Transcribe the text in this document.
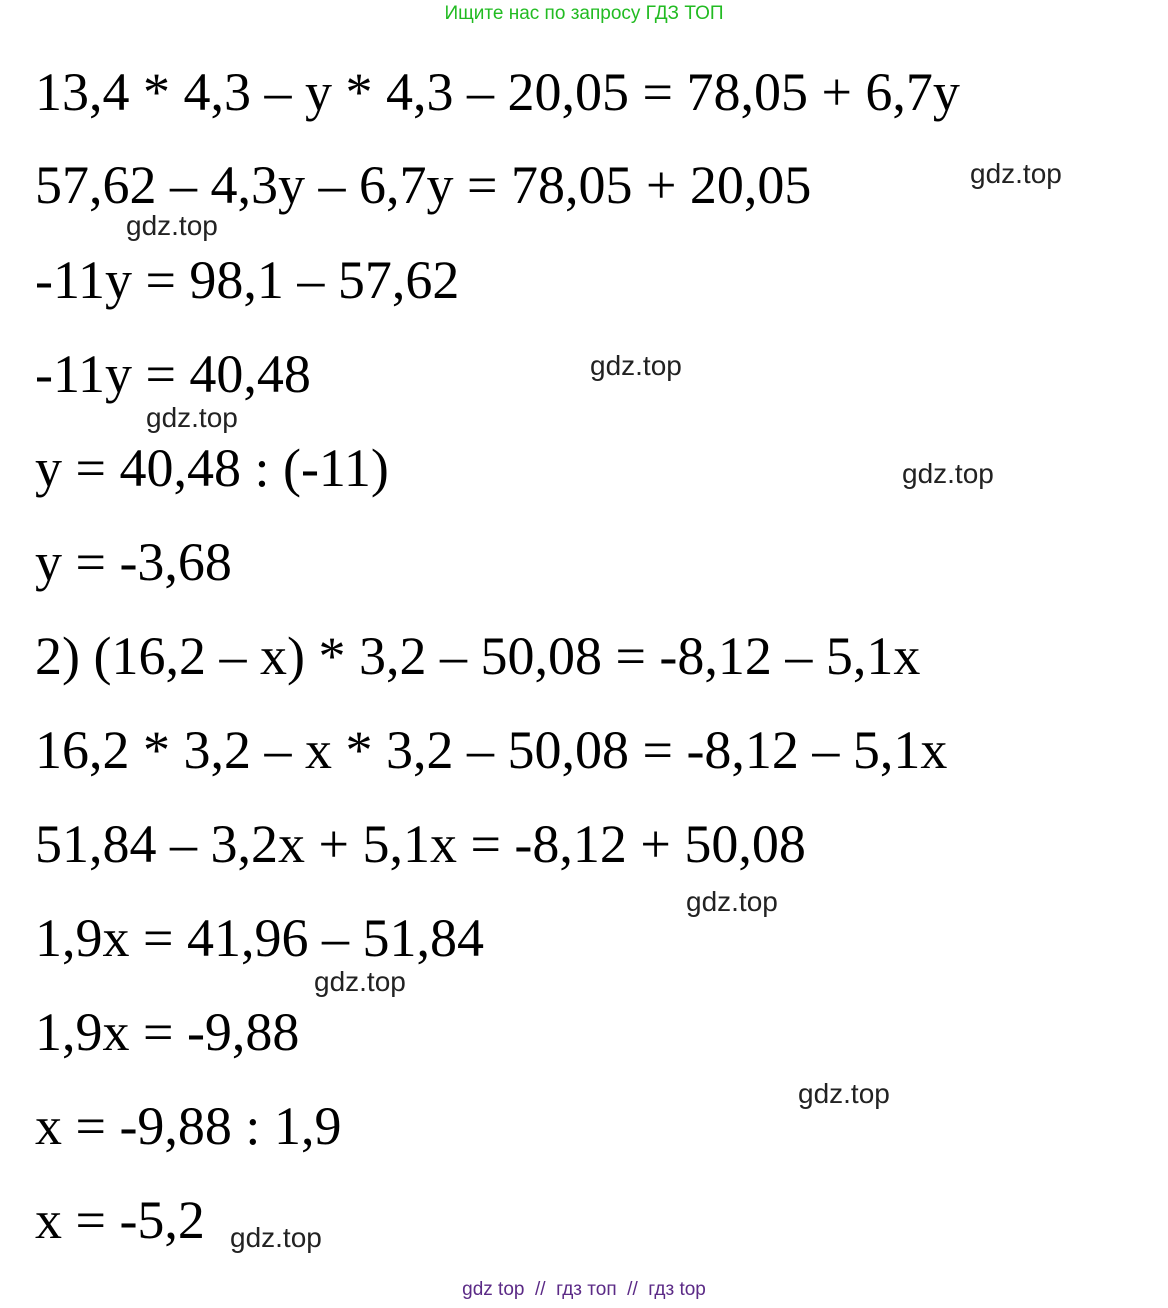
Ищите нас по запросу ГДЗ ТОП
13,4 * 4,3 – y * 4,3 – 20,05 = 78,05 + 6,7y
57,62 – 4,3y – 6,7y = 78,05 + 20,05
-11y = 98,1 – 57,62
-11y = 40,48
y = 40,48 : (-11)
y = -3,68
2) (16,2 – x) * 3,2 – 50,08 = -8,12 – 5,1x
16,2 * 3,2 – x * 3,2 – 50,08 = -8,12 – 5,1x
51,84 – 3,2x + 5,1x = -8,12 + 50,08
1,9x = 41,96 – 51,84
1,9x = -9,88
x = -9,88 : 1,9
x = -5,2
gdz.top
gdz.top
gdz.top
gdz.top
gdz.top
gdz.top
gdz.top
gdz.top
gdz.top
gdz top  //  гдз топ  //  гдз top
